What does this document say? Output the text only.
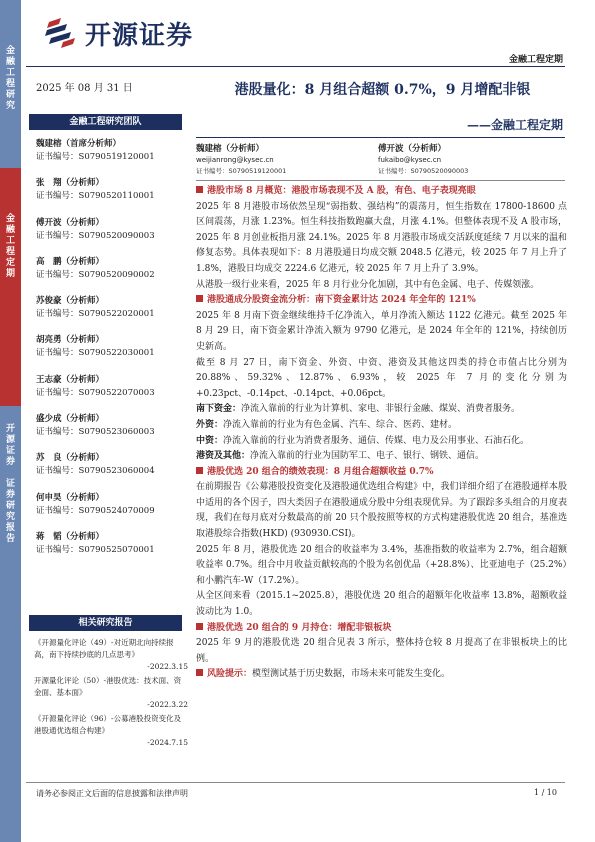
金
融
工
程
研
究
金
融
工
程
定
期
开
源
证
券

证
券
研
究
报
告
开源证券
金融工程定期
2025 年 08 月 31 日
金融工程研究团队
魏建榕（首席分析师）
证书编号：S0790519120001
张　翔（分析师）
证书编号：S0790520110001
傅开波（分析师）
证书编号：S0790520090003
高　鹏（分析师）
证书编号：S0790520090002
苏俊豪（分析师）
证书编号：S0790522020001
胡亮勇（分析师）
证书编号：S0790522030001
王志豪（分析师）
证书编号：S0790522070003
盛少成（分析师）
证书编号：S0790523060003
苏　良（分析师）
证书编号：S0790523060004
何申昊（分析师）
证书编号：S0790524070009
蒋　韬（分析师）
证书编号：S0790525070001
相关研究报告
《开源量化评论（49）-对近期北向持续报高，南下持续抄底的几点思考》
-2022.3.15
开源量化评论（50）-港股优选：技术面、资金面、基本面》
-2022.3.22
《开源量化评论（96）-公募港股投资变化及港股通优选组合构建》
-2024.7.15
港股量化：8 月组合超额 0.7%，9 月增配非银
——金融工程定期
魏建榕（分析师）
weijianrong@kysec.cn
证书编号：S0790519120001
傅开波（分析师）
fukaibo@kysec.cn
证书编号：S0790520090003
港股市场 8 月概览：港股市场表现不及 A 股，有色、电子表现亮眼
2025 年 8 月港股市场依然呈现“弱指数、强结构”的震荡月，恒生指数在 17800-18600 点区间震荡，月涨 1.23%。恒生科技指数跑赢大盘，月涨 4.1%。但整体表现不及 A 股市场，2025 年 8 月创业板指月涨 24.1%。2025 年 8 月港股市场成交活跃度延续 7 月以来的温和修复态势。具体表现如下：8 月港股通日均成交额 2048.5 亿港元，较 2025 年 7 月上升了 1.8%，港股日均成交 2224.6 亿港元，较 2025 年 7 月上升了 3.9%。
从港股一级行业来看，2025 年 8 月行业分化加剧，其中有色金属、电子、传媒领涨。
港股通成分股资金流分析：南下资金累计达 2024 年全年的 121%
2025 年 8 月南下资金继续维持千亿净流入，单月净流入额达 1122 亿港元。截至 2025 年 8 月 29 日，南下资金累计净流入额为 9790 亿港元，是 2024 年全年的 121%，持续创历史新高。
截至 8 月 27 日，南下资金、外资、中资、港资及其他这四类的持仓市值占比分别为 20.88%、59.32%、12.87%、6.93%，较 2025 年 7 月的变化分别为 +0.23pct、-0.14pct、-0.14pct、+0.06pct。
南下资金：净流入靠前的行业为计算机、家电、非银行金融、煤炭、消费者服务。
外资：净流入靠前的行业为有色金属、汽车、综合、医药、建材。
中资：净流入靠前的行业为消费者服务、通信、传媒、电力及公用事业、石油石化。
港资及其他：净流入靠前的行业为国防军工、电子、银行、钢铁、通信。
港股优选 20 组合的绩效表现：8 月组合超额收益 0.7%
在前期报告《公募港股投资变化及港股通优选组合构建》中，我们详细介绍了在港股通样本股中适用的各个因子，四大类因子在港股通成分股中分组表现优异。为了跟踪多头组合的月度表现，我们在每月底对分数最高的前 20 只个股按照等权的方式构建港股优选 20 组合，基准选取港股综合指数(HKD) (930930.CSI)。
2025 年 8 月，港股优选 20 组合的收益率为 3.4%，基准指数的收益率为 2.7%，组合超额收益率 0.7%。组合中月收益贡献较高的个股为名创优品（+28.8%）、比亚迪电子（25.2%）和小鹏汽车-W（17.2%）。
从全区间来看（2015.1~2025.8），港股优选 20 组合的超额年化收益率 13.8%，超额收益波动比为 1.0。
港股优选 20 组合的 9 月持仓：增配非银板块
2025 年 9 月的港股优选 20 组合见表 3 所示，整体持仓较 8 月提高了在非银板块上的比例。
风险提示：模型测试基于历史数据，市场未来可能发生变化。
请务必参阅正文后面的信息披露和法律声明	1 / 10
